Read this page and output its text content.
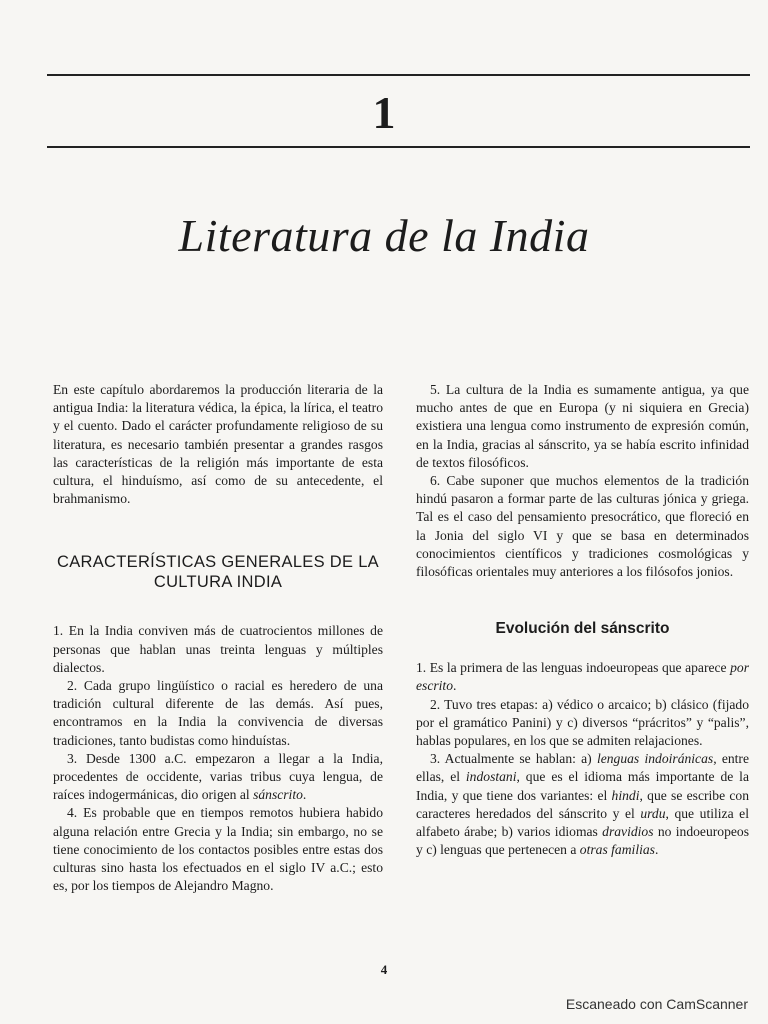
1
Literatura de la India

En este capítulo abordaremos la producción literaria de la antigua India: la literatura védica, la épica, la lírica, el teatro y el cuento. Dado el carácter profundamente religioso de su literatura, es necesario también presentar a grandes rasgos las características de la religión más importante de esta cultura, el hinduísmo, así como de su antecedente, el brahmanismo.

CARACTERÍSTICAS GENERALES DE LA CULTURA INDIA

1. En la India conviven más de cuatrocientos millones de personas que hablan unas treinta lenguas y múltiples dialectos.

2. Cada grupo lingüístico o racial es heredero de una tradición cultural diferente de las demás. Así pues, encontramos en la India la convivencia de diversas tradiciones, tanto budistas como hinduístas.

3. Desde 1300 a.C. empezaron a llegar a la India, procedentes de occidente, varias tribus cuya lengua, de raíces indogermánicas, dio origen al sánscrito.

4. Es probable que en tiempos remotos hubiera habido alguna relación entre Grecia y la India; sin embargo, no se tiene conocimiento de los contactos posibles entre estas dos culturas sino hasta los efectuados en el siglo IV a.C.; esto es, por los tiempos de Alejandro Magno.

5. La cultura de la India es sumamente antigua, ya que mucho antes de que en Europa (y ni siquiera en Grecia) existiera una lengua como instrumento de expresión común, en la India, gracias al sánscrito, ya se había escrito infinidad de textos filosóficos.

6. Cabe suponer que muchos elementos de la tradición hindú pasaron a formar parte de las culturas jónica y griega. Tal es el caso del pensamiento presocrático, que floreció en la Jonia del siglo VI y que se basa en determinados conocimientos científicos y tradiciones cosmológicas y filosóficas orientales muy anteriores a los filósofos jonios.

Evolución del sánscrito

1. Es la primera de las lenguas indoeuropeas que aparece por escrito.

2. Tuvo tres etapas: a) védico o arcaico; b) clásico (fijado por el gramático Panini) y c) diversos “prácritos” y “palis”, hablas populares, en los que se admiten relajaciones.

3. Actualmente se hablan: a) lenguas indoiránicas, entre ellas, el indostani, que es el idioma más importante de la India, y que tiene dos variantes: el hindi, que se escribe con caracteres heredados del sánscrito y el urdu, que utiliza el alfabeto árabe; b) varios idiomas dravidios no indoeuropeos y c) lenguas que pertenecen a otras familias.

4
Escaneado con CamScanner
